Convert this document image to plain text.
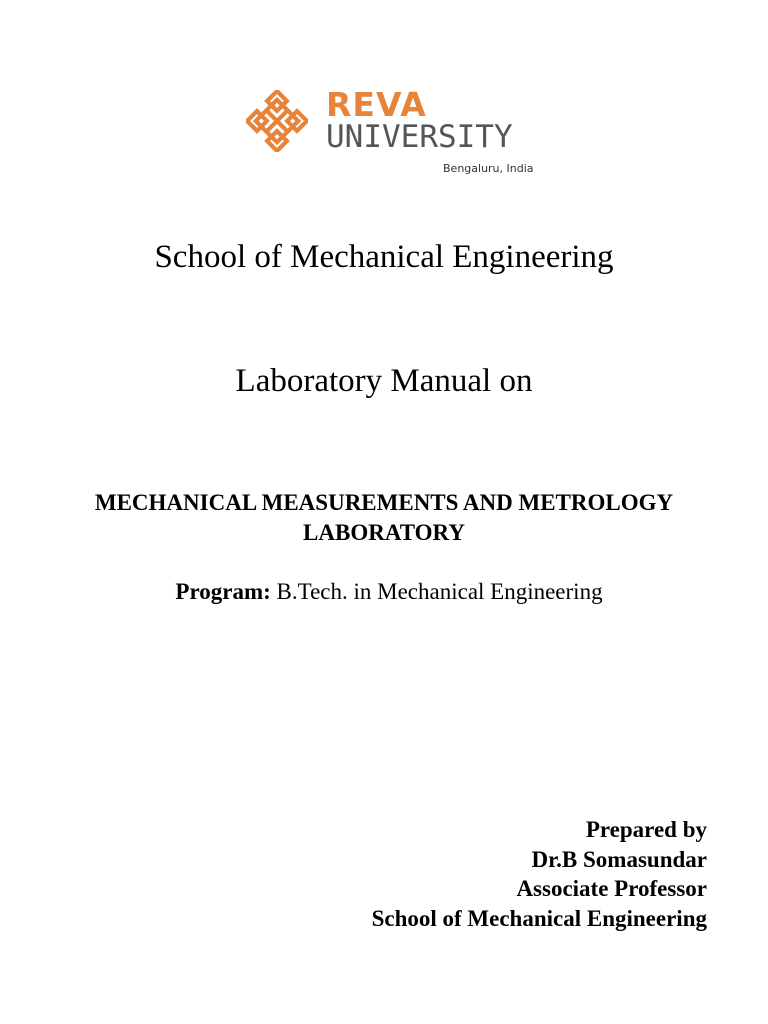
REVA
UNIVERSITY
Bengaluru, India
School of Mechanical Engineering
Laboratory Manual on
MECHANICAL MEASUREMENTS AND METROLOGY
LABORATORY
Program: B.Tech. in Mechanical Engineering
Prepared by
Dr.B Somasundar
Associate Professor
School of Mechanical Engineering
